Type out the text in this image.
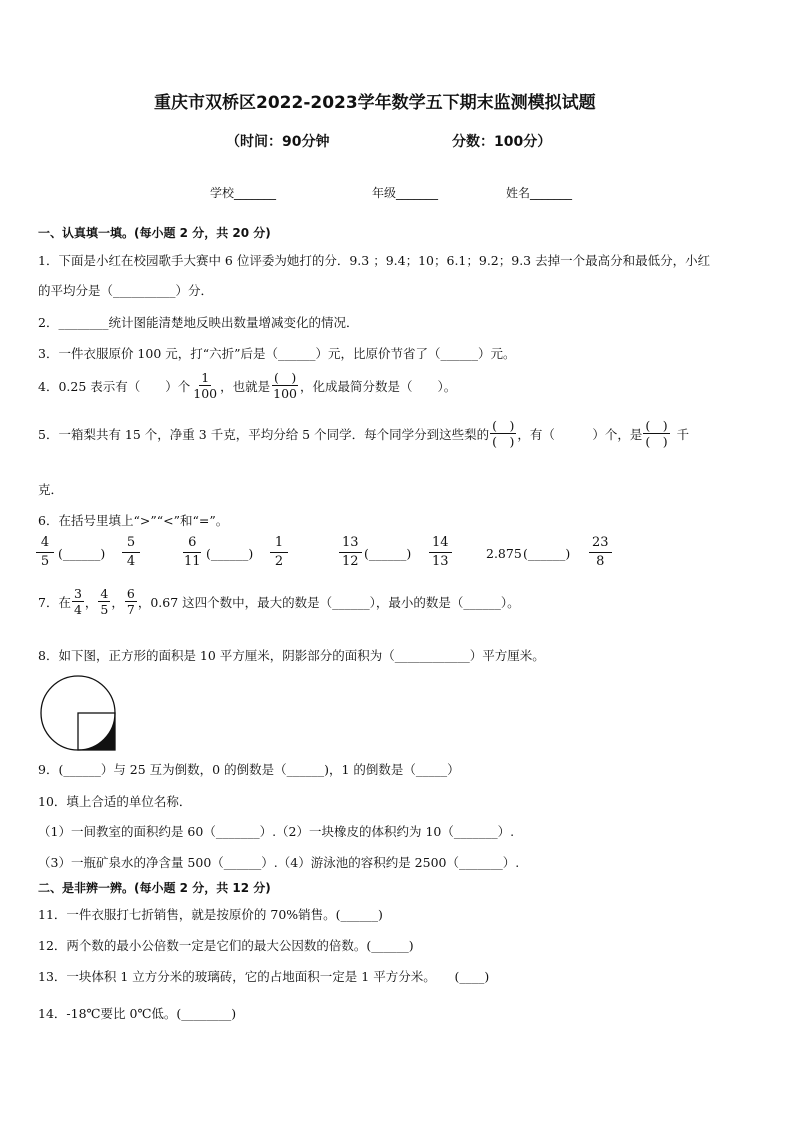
重庆市双桥区2022-2023学年数学五下期末监测模拟试题
（时间：90分钟	分数：100分）
学校_______	年级_______	姓名_______
一、认真填一填。(每小题 2 分，共 20 分)
1．下面是小红在校园歌手大赛中 6 位评委为她打的分．9.3 ；9.4；10；6.1；9.2；9.3 去掉一个最高分和最低分，小红
的平均分是（__________）分．
2．________统计图能清楚地反映出数量增减变化的情况．
3．一件衣服原价 100 元，打“六折”后是（______）元，比原价节省了（______）元。
4．0.25 表示有（　　）个 $\frac{1}{100}$ ，也就是 $\frac{( )}{100}$ ，化成最简分数是（　　）。
5．一箱梨共有 15 个，净重 3 千克，平均分给 5 个同学．每个同学分到这些梨的 $\frac{( )}{( )}$ ，有（　　　）个，是 $\frac{( )}{( )}$ 千
克．
6．在括号里填上“>”“<”和“=”。
$\frac{4}{5}$ (______) $\frac{5}{4}$	$\frac{6}{11}$ (______) $\frac{1}{2}$	$\frac{13}{12}$ (______) $\frac{14}{13}$	2.875 (______) $\frac{23}{8}$
7．在 $\frac{3}{4}$ ， $\frac{4}{5}$ ， $\frac{6}{7}$ ，0.67 这四个数中，最大的数是（______），最小的数是（______）。
8．如下图，正方形的面积是 10 平方厘米，阴影部分的面积为（____________）平方厘米。
9．(______）与 25 互为倒数，0 的倒数是（______)，1 的倒数是（_____）
10．填上合适的单位名称．
（1）一间教室的面积约是 60（_______）.（2）一块橡皮的体积约为 10（_______）.
（3）一瓶矿泉水的净含量 500（______）.（4）游泳池的容积约是 2500（_______）.
二、是非辨一辨。(每小题 2 分，共 12 分)
11．一件衣服打七折销售，就是按原价的 70%销售。(______)
12．两个数的最小公倍数一定是它们的最大公因数的倍数。(______)
13．一块体积 1 立方分米的玻璃砖，它的占地面积一定是 1 平方分米。　　(____)
14．-18℃要比 0℃低。(________)
